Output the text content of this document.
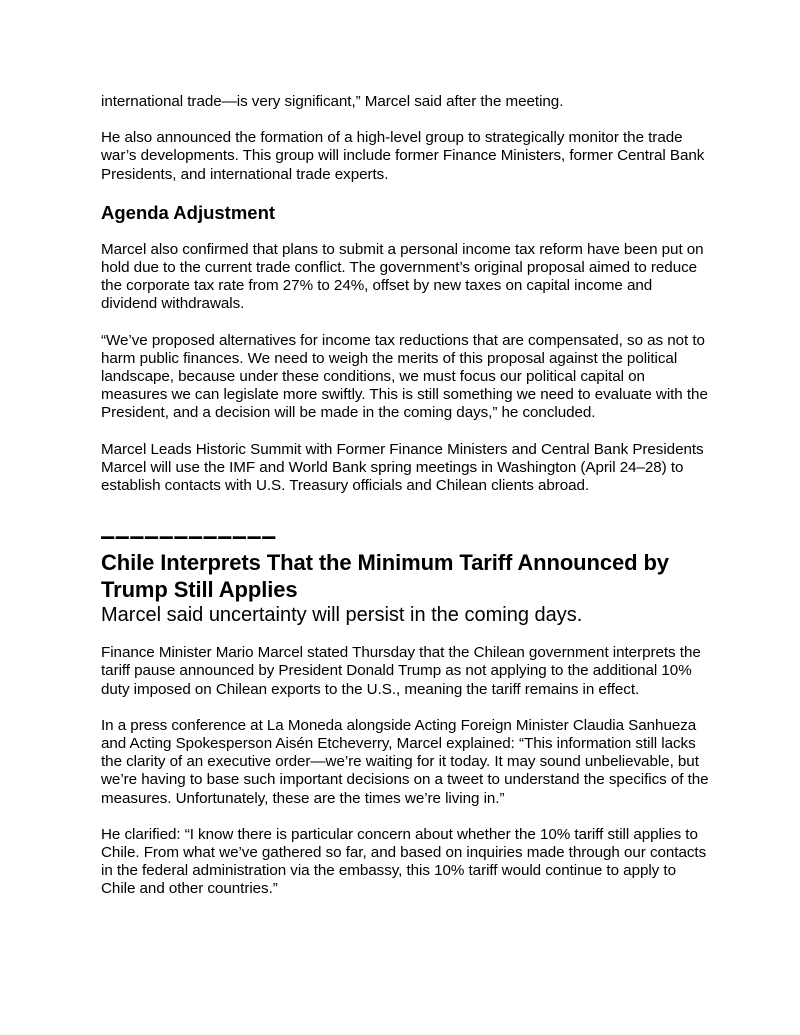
international trade—is very significant,” Marcel said after the meeting.

He also announced the formation of a high-level group to strategically monitor the trade war’s developments. This group will include former Finance Ministers, former Central Bank Presidents, and international trade experts.

Agenda Adjustment

Marcel also confirmed that plans to submit a personal income tax reform have been put on hold due to the current trade conflict. The government’s original proposal aimed to reduce the corporate tax rate from 27% to 24%, offset by new taxes on capital income and dividend withdrawals.

“We’ve proposed alternatives for income tax reductions that are compensated, so as not to harm public finances. We need to weigh the merits of this proposal against the political landscape, because under these conditions, we must focus our political capital on measures we can legislate more swiftly. This is still something we need to evaluate with the President, and a decision will be made in the coming days,” he concluded.

Marcel Leads Historic Summit with Former Finance Ministers and Central Bank Presidents

Marcel will use the IMF and World Bank spring meetings in Washington (April 24–28) to establish contacts with U.S. Treasury officials and Chilean clients abroad.

————————————
Chile Interprets That the Minimum Tariff Announced by Trump Still Applies
Marcel said uncertainty will persist in the coming days.

Finance Minister Mario Marcel stated Thursday that the Chilean government interprets the tariff pause announced by President Donald Trump as not applying to the additional 10% duty imposed on Chilean exports to the U.S., meaning the tariff remains in effect.

In a press conference at La Moneda alongside Acting Foreign Minister Claudia Sanhueza and Acting Spokesperson Aisén Etcheverry, Marcel explained: “This information still lacks the clarity of an executive order—we’re waiting for it today. It may sound unbelievable, but we’re having to base such important decisions on a tweet to understand the specifics of the measures. Unfortunately, these are the times we’re living in.”

He clarified: “I know there is particular concern about whether the 10% tariff still applies to Chile. From what we’ve gathered so far, and based on inquiries made through our contacts in the federal administration via the embassy, this 10% tariff would continue to apply to Chile and other countries.”
